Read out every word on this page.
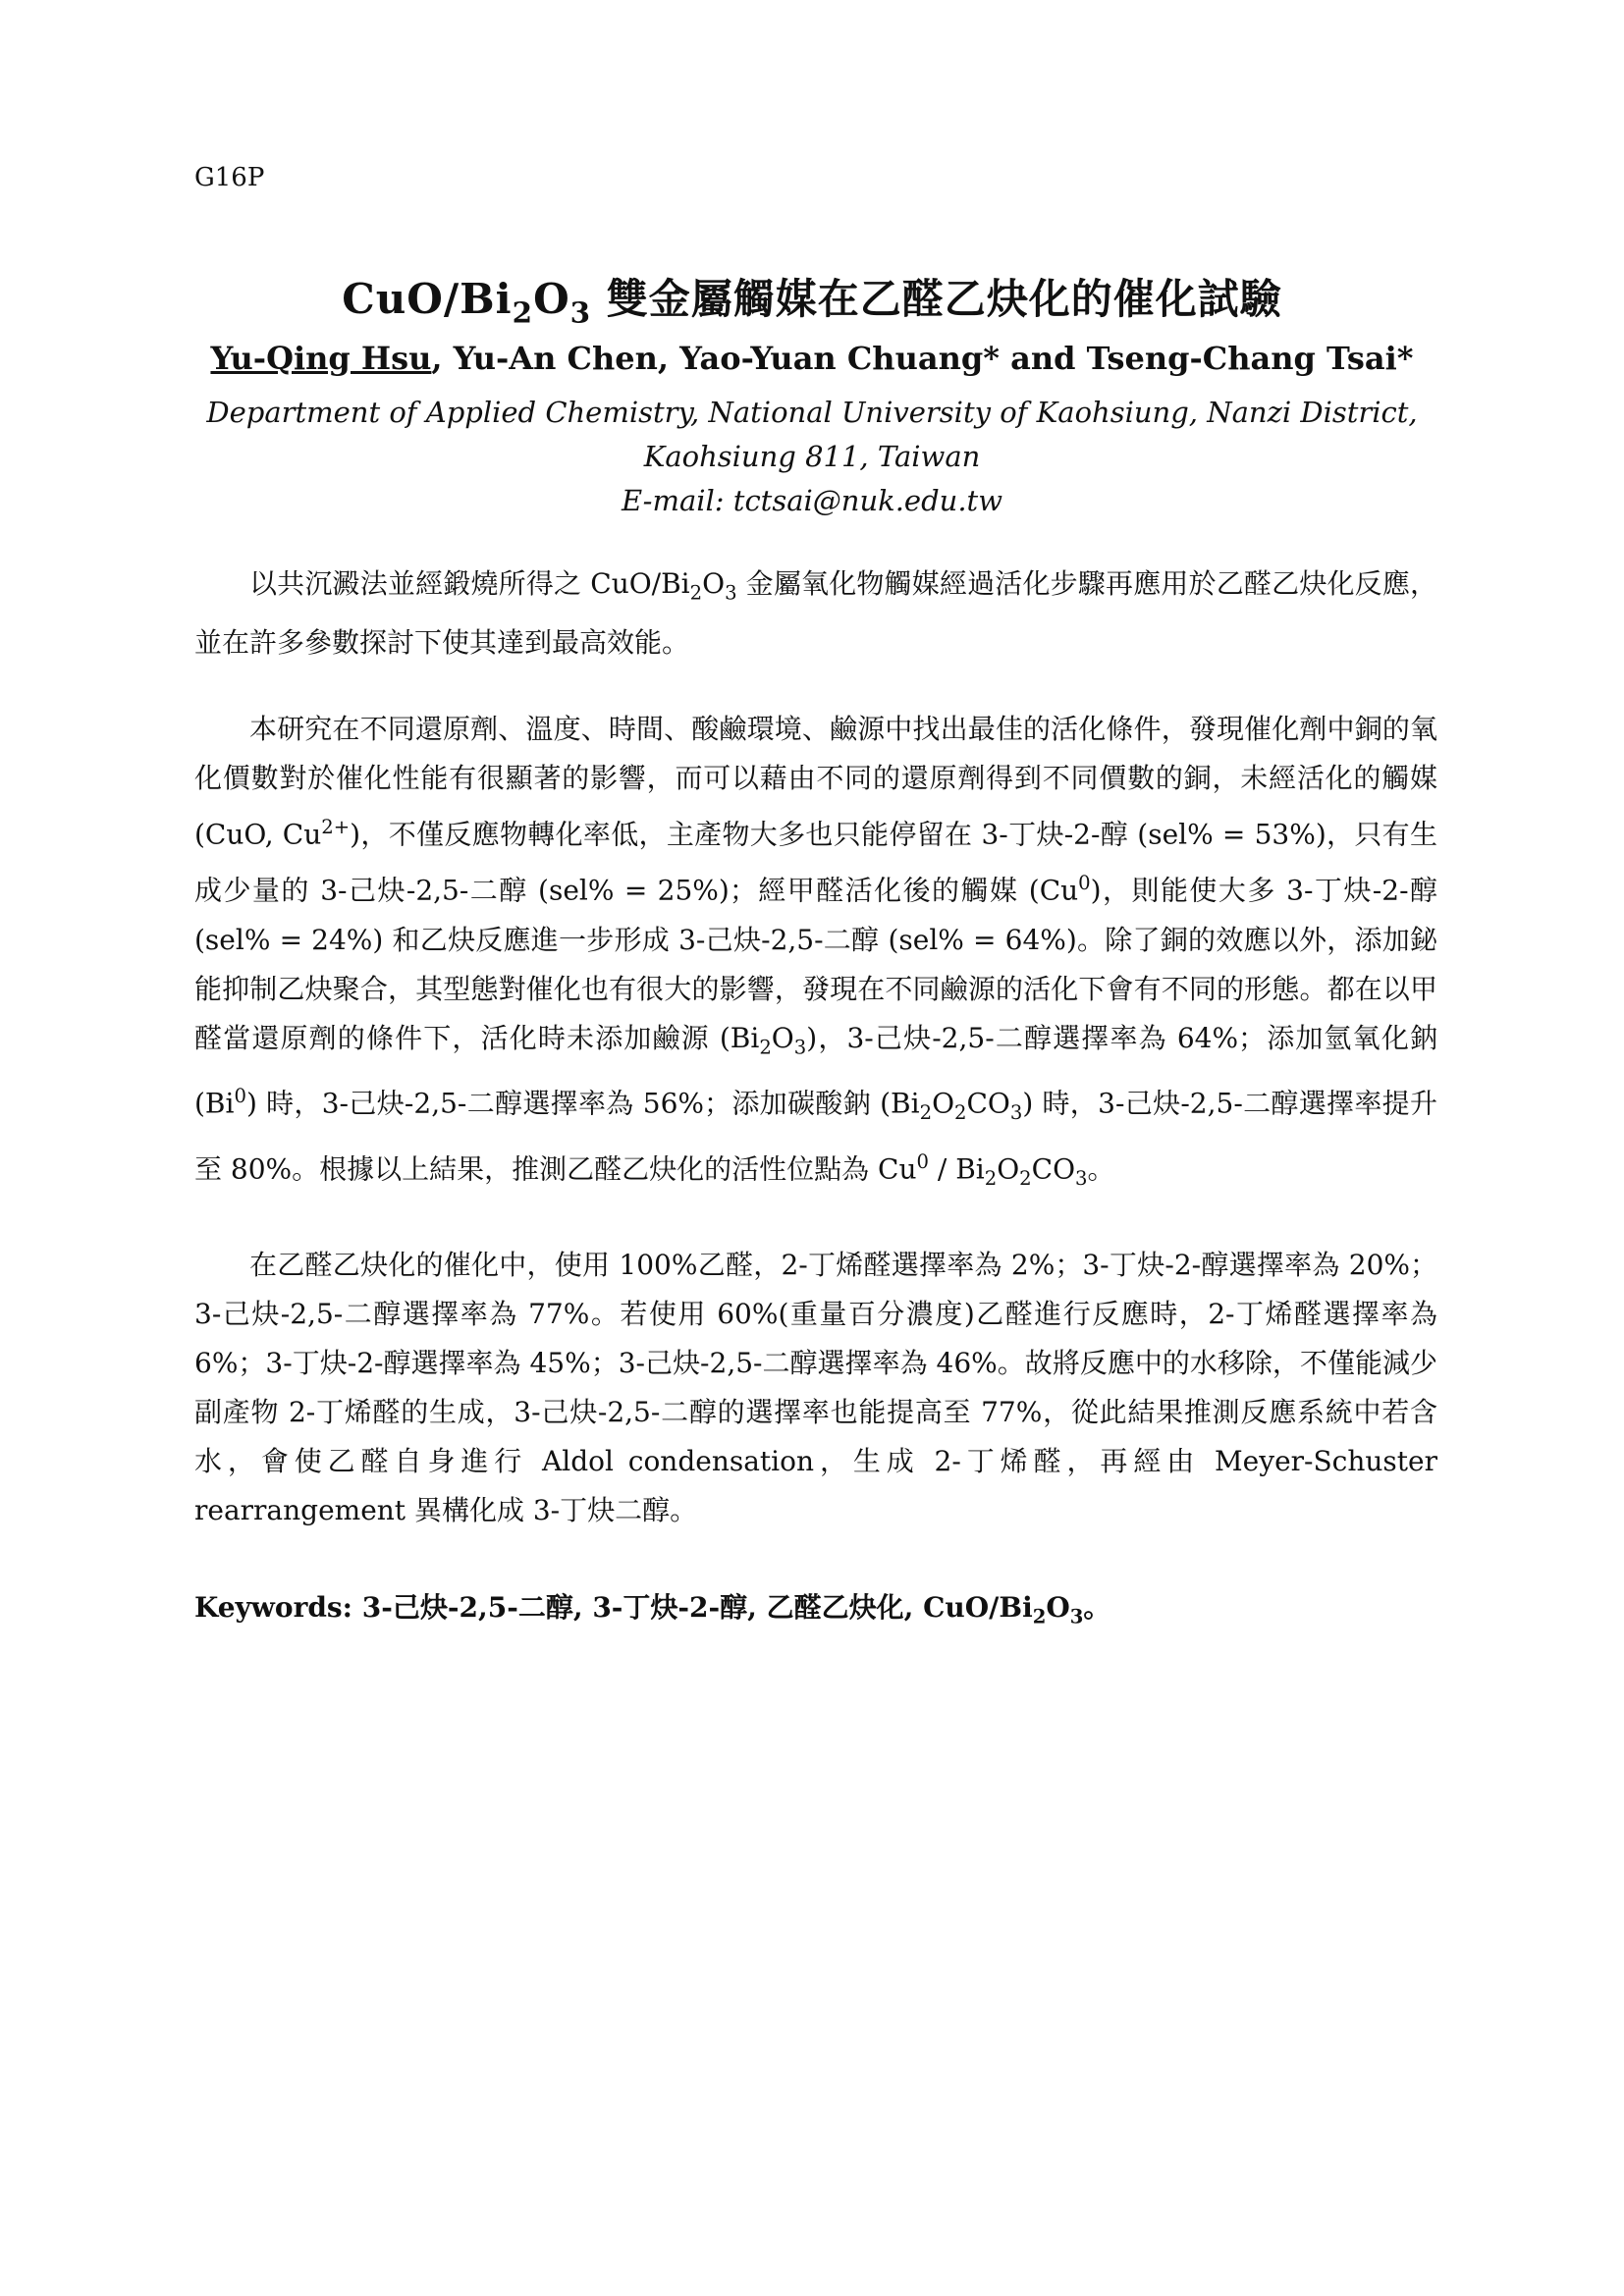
G16P
CuO/$Bi_2O_3$ 雙金屬觸媒在乙醛乙炔化的催化試驗
Yu-Qing Hsu, Yu-An Chen, Yao-Yuan Chuang* and Tseng-Chang Tsai*
Department of Applied Chemistry, National University of Kaohsiung, Nanzi District,
Kaohsiung 811, Taiwan
E-mail: tctsai@nuk.edu.tw

以共沉澱法並經鍛燒所得之 CuO/$Bi_2O_3$ 金屬氧化物觸媒經過活化步驟再應用於乙醛乙炔化反應，並在許多參數探討下使其達到最高效能。

本研究在不同還原劑、溫度、時間、酸鹼環境、鹼源中找出最佳的活化條件，發現催化劑中銅的氧化價數對於催化性能有很顯著的影響，而可以藉由不同的還原劑得到不同價數的銅，未經活化的觸媒 (CuO, $Cu^{2+}$)，不僅反應物轉化率低，主產物大多也只能停留在 3-丁炔-2-醇 (sel% = 53%)，只有生成少量的 3-己炔-2,5-二醇 (sel% = 25%)；經甲醛活化後的觸媒 (Cu$^0$)，則能使大多 3-丁炔-2-醇 (sel% = 24%) 和乙炔反應進一步形成 3-己炔-2,5-二醇 (sel% = 64%)。除了銅的效應以外，添加鉍能抑制乙炔聚合，其型態對催化也有很大的影響，發現在不同鹼源的活化下會有不同的形態。都在以甲醛當還原劑的條件下，活化時未添加鹼源 $(Bi_2O_3)$，3-己炔-2,5-二醇選擇率為 64%；添加氫氧化鈉 (Bi$^0$) 時，3-己炔-2,5-二醇選擇率為 56%；添加碳酸鈉 $(Bi_2O_2CO_3)$ 時，3-己炔-2,5-二醇選擇率提升至 80%。根據以上結果，推測乙醛乙炔化的活性位點為 $Cu^0 / Bi_2O_2CO_3$。

在乙醛乙炔化的催化中，使用 100%乙醛，2-丁烯醛選擇率為 2%；3-丁炔-2-醇選擇率為 20%；3-己炔-2,5-二醇選擇率為 77%。若使用 60%(重量百分濃度)乙醛進行反應時，2-丁烯醛選擇率為 6%；3-丁炔-2-醇選擇率為 45%；3-己炔-2,5-二醇選擇率為 46%。故將反應中的水移除，不僅能減少副產物 2-丁烯醛的生成，3-己炔-2,5-二醇的選擇率也能提高至 77%，從此結果推測反應系統中若含水，會使乙醛自身進行 Aldol condensation，生成 2-丁烯醛，再經由 Meyer-Schuster rearrangement 異構化成 3-丁炔二醇。

Keywords: 3-己炔-2,5-二醇, 3-丁炔-2-醇, 乙醛乙炔化, CuO/$Bi_2O_3$。
